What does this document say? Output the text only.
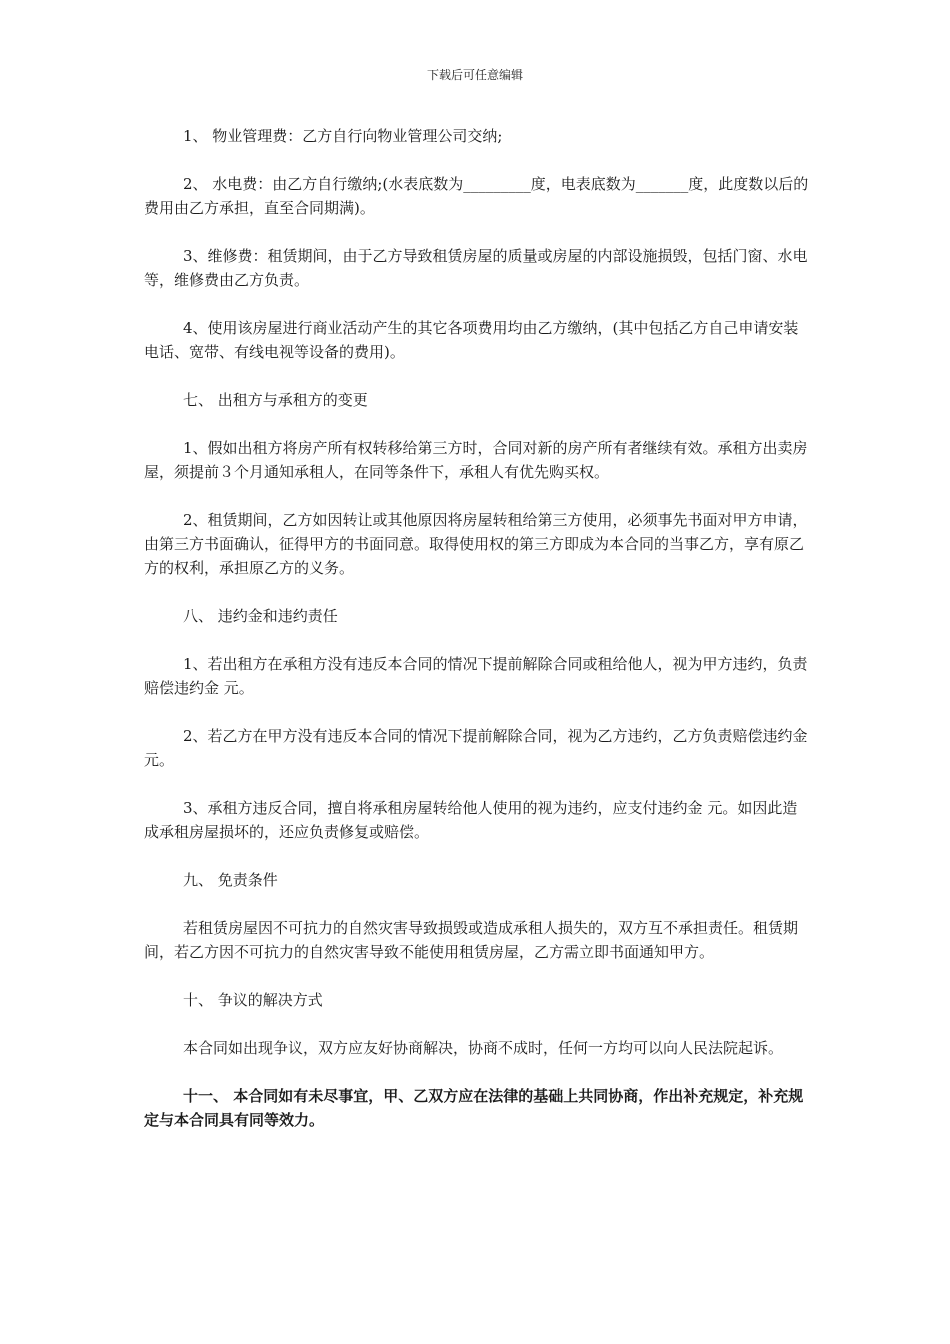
下载后可任意编辑

1、 物业管理费：乙方自行向物业管理公司交纳;

2、 水电费：由乙方自行缴纳;(水表底数为_________度，电表底数为_______度，此度数以后的费用由乙方承担，直至合同期满)。

3、维修费：租赁期间，由于乙方导致租赁房屋的质量或房屋的内部设施损毁，包括门窗、水电等，维修费由乙方负责。

4、使用该房屋进行商业活动产生的其它各项费用均由乙方缴纳，(其中包括乙方自己申请安装电话、宽带、有线电视等设备的费用)。

七、 出租方与承租方的变更

1、假如出租方将房产所有权转移给第三方时，合同对新的房产所有者继续有效。承租方出卖房屋，须提前３个月通知承租人，在同等条件下，承租人有优先购买权。

2、租赁期间，乙方如因转让或其他原因将房屋转租给第三方使用，必须事先书面对甲方申请，由第三方书面确认，征得甲方的书面同意。取得使用权的第三方即成为本合同的当事乙方，享有原乙方的权利，承担原乙方的义务。

八、 违约金和违约责任

1、若出租方在承租方没有违反本合同的情况下提前解除合同或租给他人，视为甲方违约，负责赔偿违约金 元。

2、若乙方在甲方没有违反本合同的情况下提前解除合同，视为乙方违约，乙方负责赔偿违约金 元。

3、承租方违反合同，擅自将承租房屋转给他人使用的视为违约，应支付违约金 元。如因此造成承租房屋损坏的，还应负责修复或赔偿。

九、 免责条件

若租赁房屋因不可抗力的自然灾害导致损毁或造成承租人损失的，双方互不承担责任。租赁期间，若乙方因不可抗力的自然灾害导致不能使用租赁房屋，乙方需立即书面通知甲方。

十、 争议的解决方式

本合同如出现争议，双方应友好协商解决，协商不成时，任何一方均可以向人民法院起诉。

十一、 本合同如有未尽事宜，甲、乙双方应在法律的基础上共同协商，作出补充规定，补充规定与本合同具有同等效力。
